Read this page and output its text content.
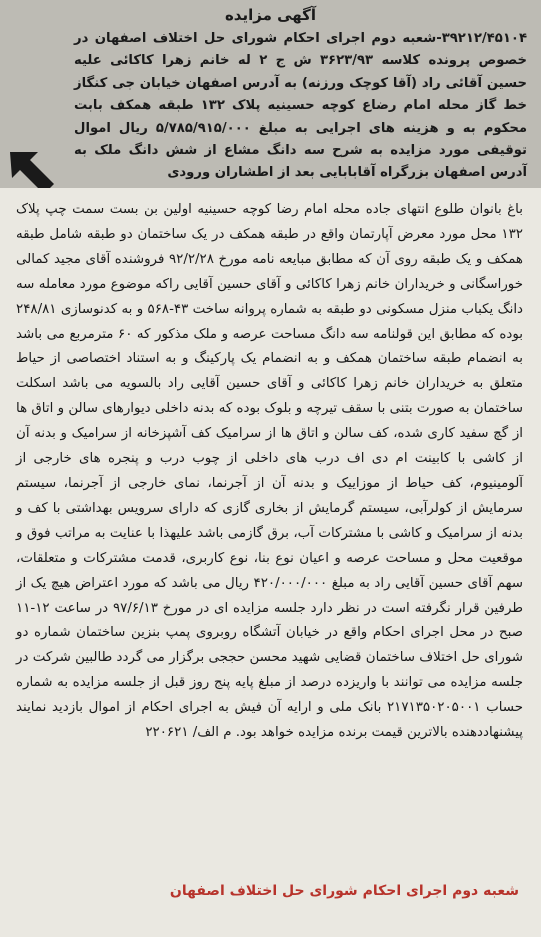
آگهی مزایده

۳۹۲۱۲/۴۵۱۰۴-شعبه دوم اجرای احکام شورای حل اختلاف اصفهان در خصوص پرونده کلاسه ۳۶۲۳/۹۳ ش ج ۲ له خانم زهرا کاکائی علیه حسین آقائی راد (آقا کوچک ورزنه) به آدرس اصفهان خیابان جی کنگاز خط گاز محله امام رضاع کوچه حسینیه پلاک ۱۳۲ طبقه همکف بابت محکوم به و هزینه های اجرایی به مبلغ ۵/۷۸۵/۹۱۵/۰۰۰ ریال اموال توقیفی مورد مزایده به شرح سه دانگ مشاع از شش دانگ ملک به آدرس اصفهان بزرگراه آقابابایی بعد از اطشاران ورودی

باغ بانوان طلوع انتهای جاده محله امام رضا کوچه حسینیه اولین بن بست سمت چپ پلاک ۱۳۲ محل مورد معرض آپارتمان واقع در طبقه همکف در یک ساختمان دو طبقه شامل طبقه همکف و یک طبقه روی آن که مطابق مبایعه نامه مورخ ۹۲/۲/۲۸ فروشنده آقای مجید کمالی خوراسگانی و خریداران خانم زهرا کاکائی و آقای حسین آقایی راکه موضوع مورد معامله سه دانگ یکباب منزل مسکونی دو طبقه به شماره پروانه ساخت ۴۳-۵۶۸ و به کدنوسازی ۲۴۸/۸۱ بوده که مطابق این قولنامه سه دانگ مساحت عرصه و ملک مذکور که ۶۰ مترمربع می باشد به انضمام طبقه ساختمان همکف و به انضمام یک پارکینگ و به استناد اختصاصی از حیاط متعلق به خریداران خانم زهرا کاکائی و آقای حسین آقایی راد بالسویه می باشد اسکلت ساختمان به صورت بتنی با سقف تیرچه و بلوک بوده که بدنه داخلی دیوارهای سالن و اتاق ها از گچ سفید کاری شده، کف سالن و اتاق ها از سرامیک کف آشپزخانه از سرامیک و بدنه آن از کاشی با کابینت ام دی اف درب های داخلی از چوب درب و پنجره های خارجی از آلومینیوم، کف حیاط از موزاییک و بدنه آن از آجرنما، نمای خارجی از آجرنما، سیستم سرمایش از کولرآبی، سیستم گرمایش از بخاری گازی که دارای سرویس بهداشتی با کف و بدنه از سرامیک و کاشی با مشترکات آب، برق گازمی باشد علیهذا با عنایت به مراتب فوق و موقعیت محل و مساحت عرصه و اعیان نوع بنا، نوع کاربری، قدمت مشترکات و متعلقات، سهم آقای حسین آقایی راد به مبلغ ۴۲۰/۰۰۰/۰۰۰ ریال می باشد که مورد اعتراض هیچ یک از طرفین قرار نگرفته است در نظر دارد جلسه مزایده ای در مورخ ۹۷/۶/۱۳ در ساعت ۱۲-۱۱ صبح در محل اجرای احکام واقع در خیابان آتشگاه روبروی پمپ بنزین ساختمان شماره دو شورای حل اختلاف ساختمان قضایی شهید محسن حججی برگزار می گردد طالبین شرکت در جلسه مزایده می توانند با واریزده درصد از مبلغ پایه پنج روز قبل از جلسه مزایده به شماره حساب ۲۱۷۱۳۵۰۲۰۵۰۰۱ بانک ملی و ارایه آن فیش به اجرای احکام از اموال بازدید نمایند پیشنهاددهنده بالاترین قیمت برنده مزایده خواهد بود. م الف/ ۲۲۰۶۲۱

شعبه دوم اجرای احکام شورای حل اختلاف اصفهان
